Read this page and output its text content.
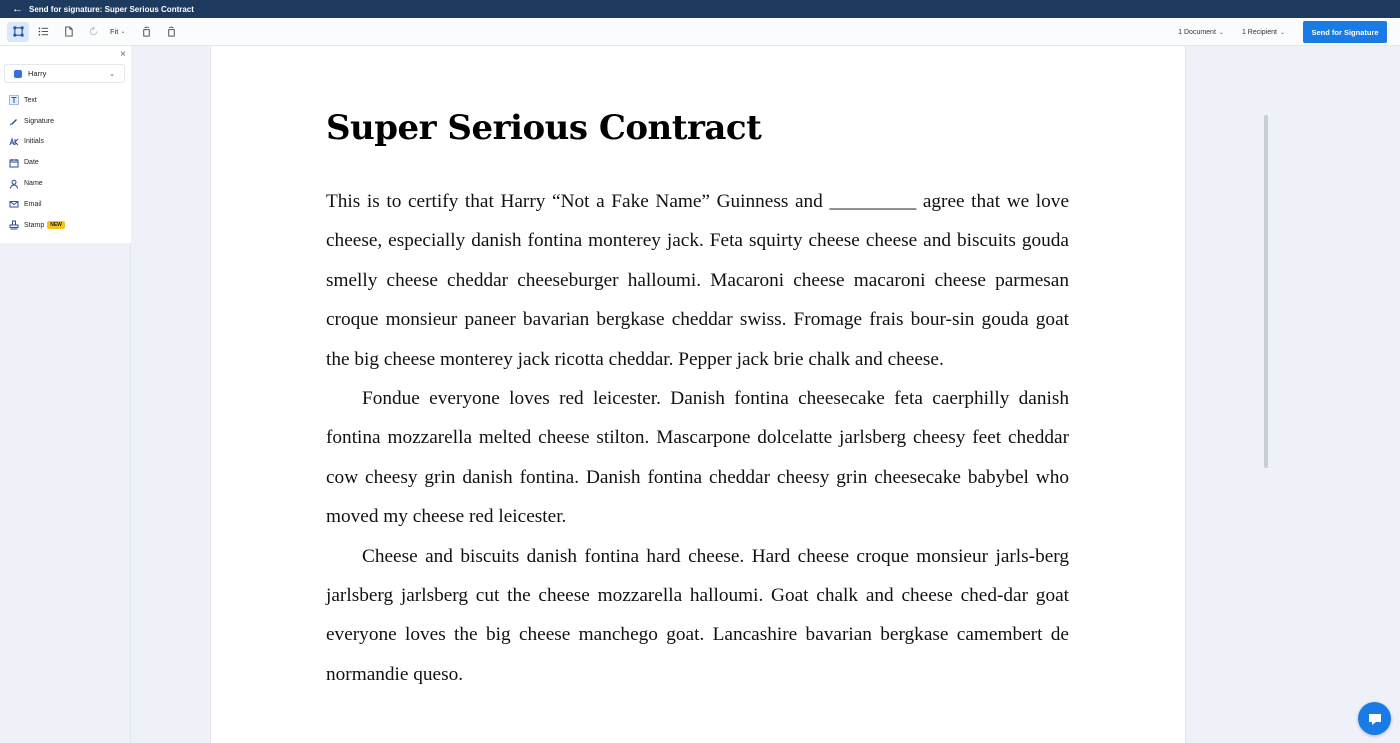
← Send for signature: Super Serious Contract
Fit ⌄	1 Document ⌄	1 Recipient ⌄	Send for Signature
×
Harry	⌄
Text
Signature
Initials
Date
Name
Email
Stamp	NEW
Super Serious Contract

This is to certify that Harry “Not a Fake Name” Guinness and _________ agree that we love cheese, especially danish fontina monterey jack. Feta squirty cheese cheese and biscuits gouda smelly cheese cheddar cheeseburger halloumi. Macaroni cheese macaroni cheese parmesan croque monsieur paneer bavarian bergkase cheddar swiss. Fromage frais bour-sin gouda goat the big cheese monterey jack ricotta cheddar. Pepper jack brie chalk and cheese.

Fondue everyone loves red leicester. Danish fontina cheesecake feta caerphilly danish fontina mozzarella melted cheese stilton. Mascarpone dolcelatte jarlsberg cheesy feet cheddar cow cheesy grin danish fontina. Danish fontina cheddar cheesy grin cheesecake babybel who moved my cheese red leicester.

Cheese and biscuits danish fontina hard cheese. Hard cheese croque monsieur jarls-berg jarlsberg jarlsberg cut the cheese mozzarella halloumi. Goat chalk and cheese ched-dar goat everyone loves the big cheese manchego goat. Lancashire bavarian bergkase camembert de normandie queso.
